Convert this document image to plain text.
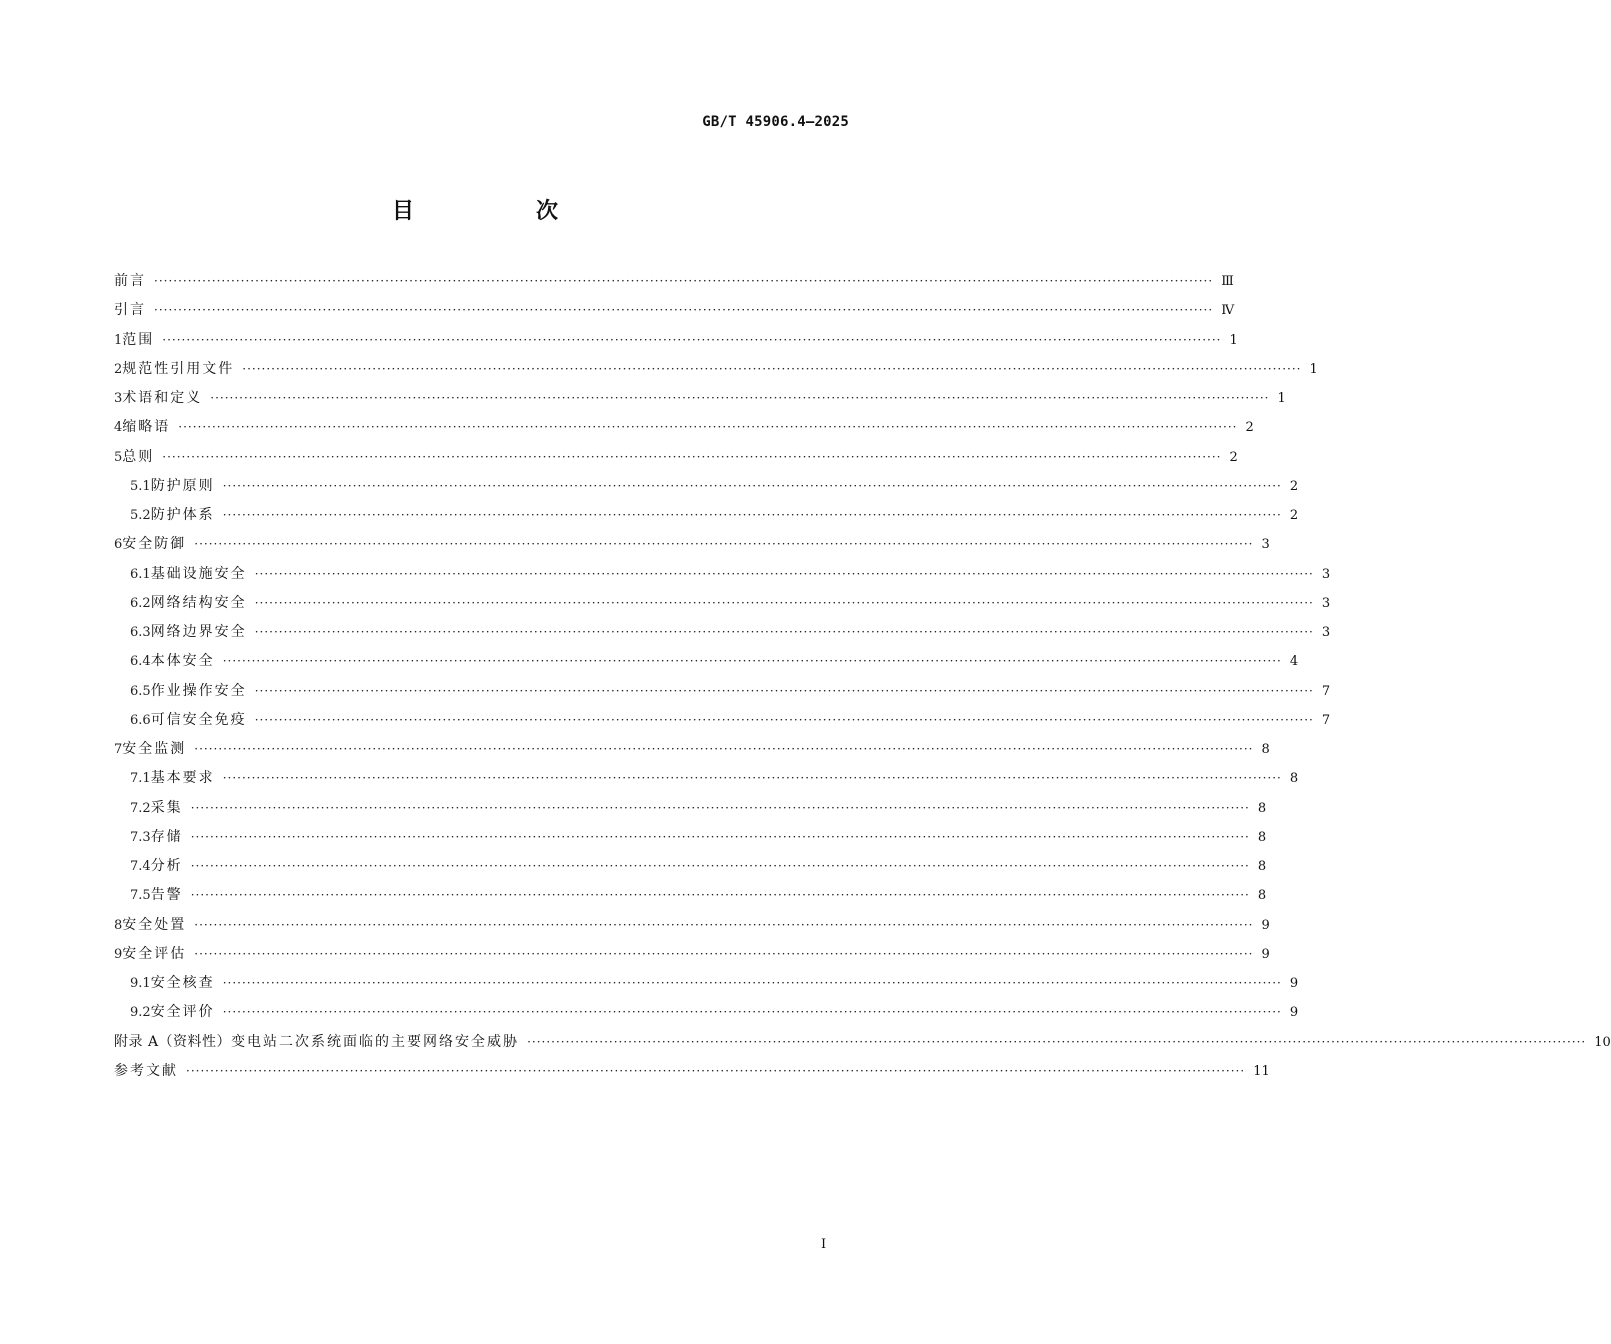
GB/T 45906.4—2025
目　次
前言 ···························································································································································································································· Ⅲ
引言 ···························································································································································································································· Ⅳ
1 范围 ···························································································································································································································· 1
2 规范性引用文件 ···························································································································································································································· 1
3 术语和定义 ···························································································································································································································· 1
4 缩略语 ···························································································································································································································· 2
5 总则 ···························································································································································································································· 2
5.1 防护原则 ···························································································································································································································· 2
5.2 防护体系 ···························································································································································································································· 2
6 安全防御 ···························································································································································································································· 3
6.1 基础设施安全 ···························································································································································································································· 3
6.2 网络结构安全 ···························································································································································································································· 3
6.3 网络边界安全 ···························································································································································································································· 3
6.4 本体安全 ···························································································································································································································· 4
6.5 作业操作安全 ···························································································································································································································· 7
6.6 可信安全免疫 ···························································································································································································································· 7
7 安全监测 ···························································································································································································································· 8
7.1 基本要求 ···························································································································································································································· 8
7.2 采集 ···························································································································································································································· 8
7.3 存储 ···························································································································································································································· 8
7.4 分析 ···························································································································································································································· 8
7.5 告警 ···························································································································································································································· 8
8 安全处置 ···························································································································································································································· 9
9 安全评估 ···························································································································································································································· 9
9.1 安全核查 ···························································································································································································································· 9
9.2 安全评价 ···························································································································································································································· 9
附录 A（资料性） 变电站二次系统面临的主要网络安全威胁 ···························································································································································································································· 10
参考文献 ···························································································································································································································· 11
Ⅰ
